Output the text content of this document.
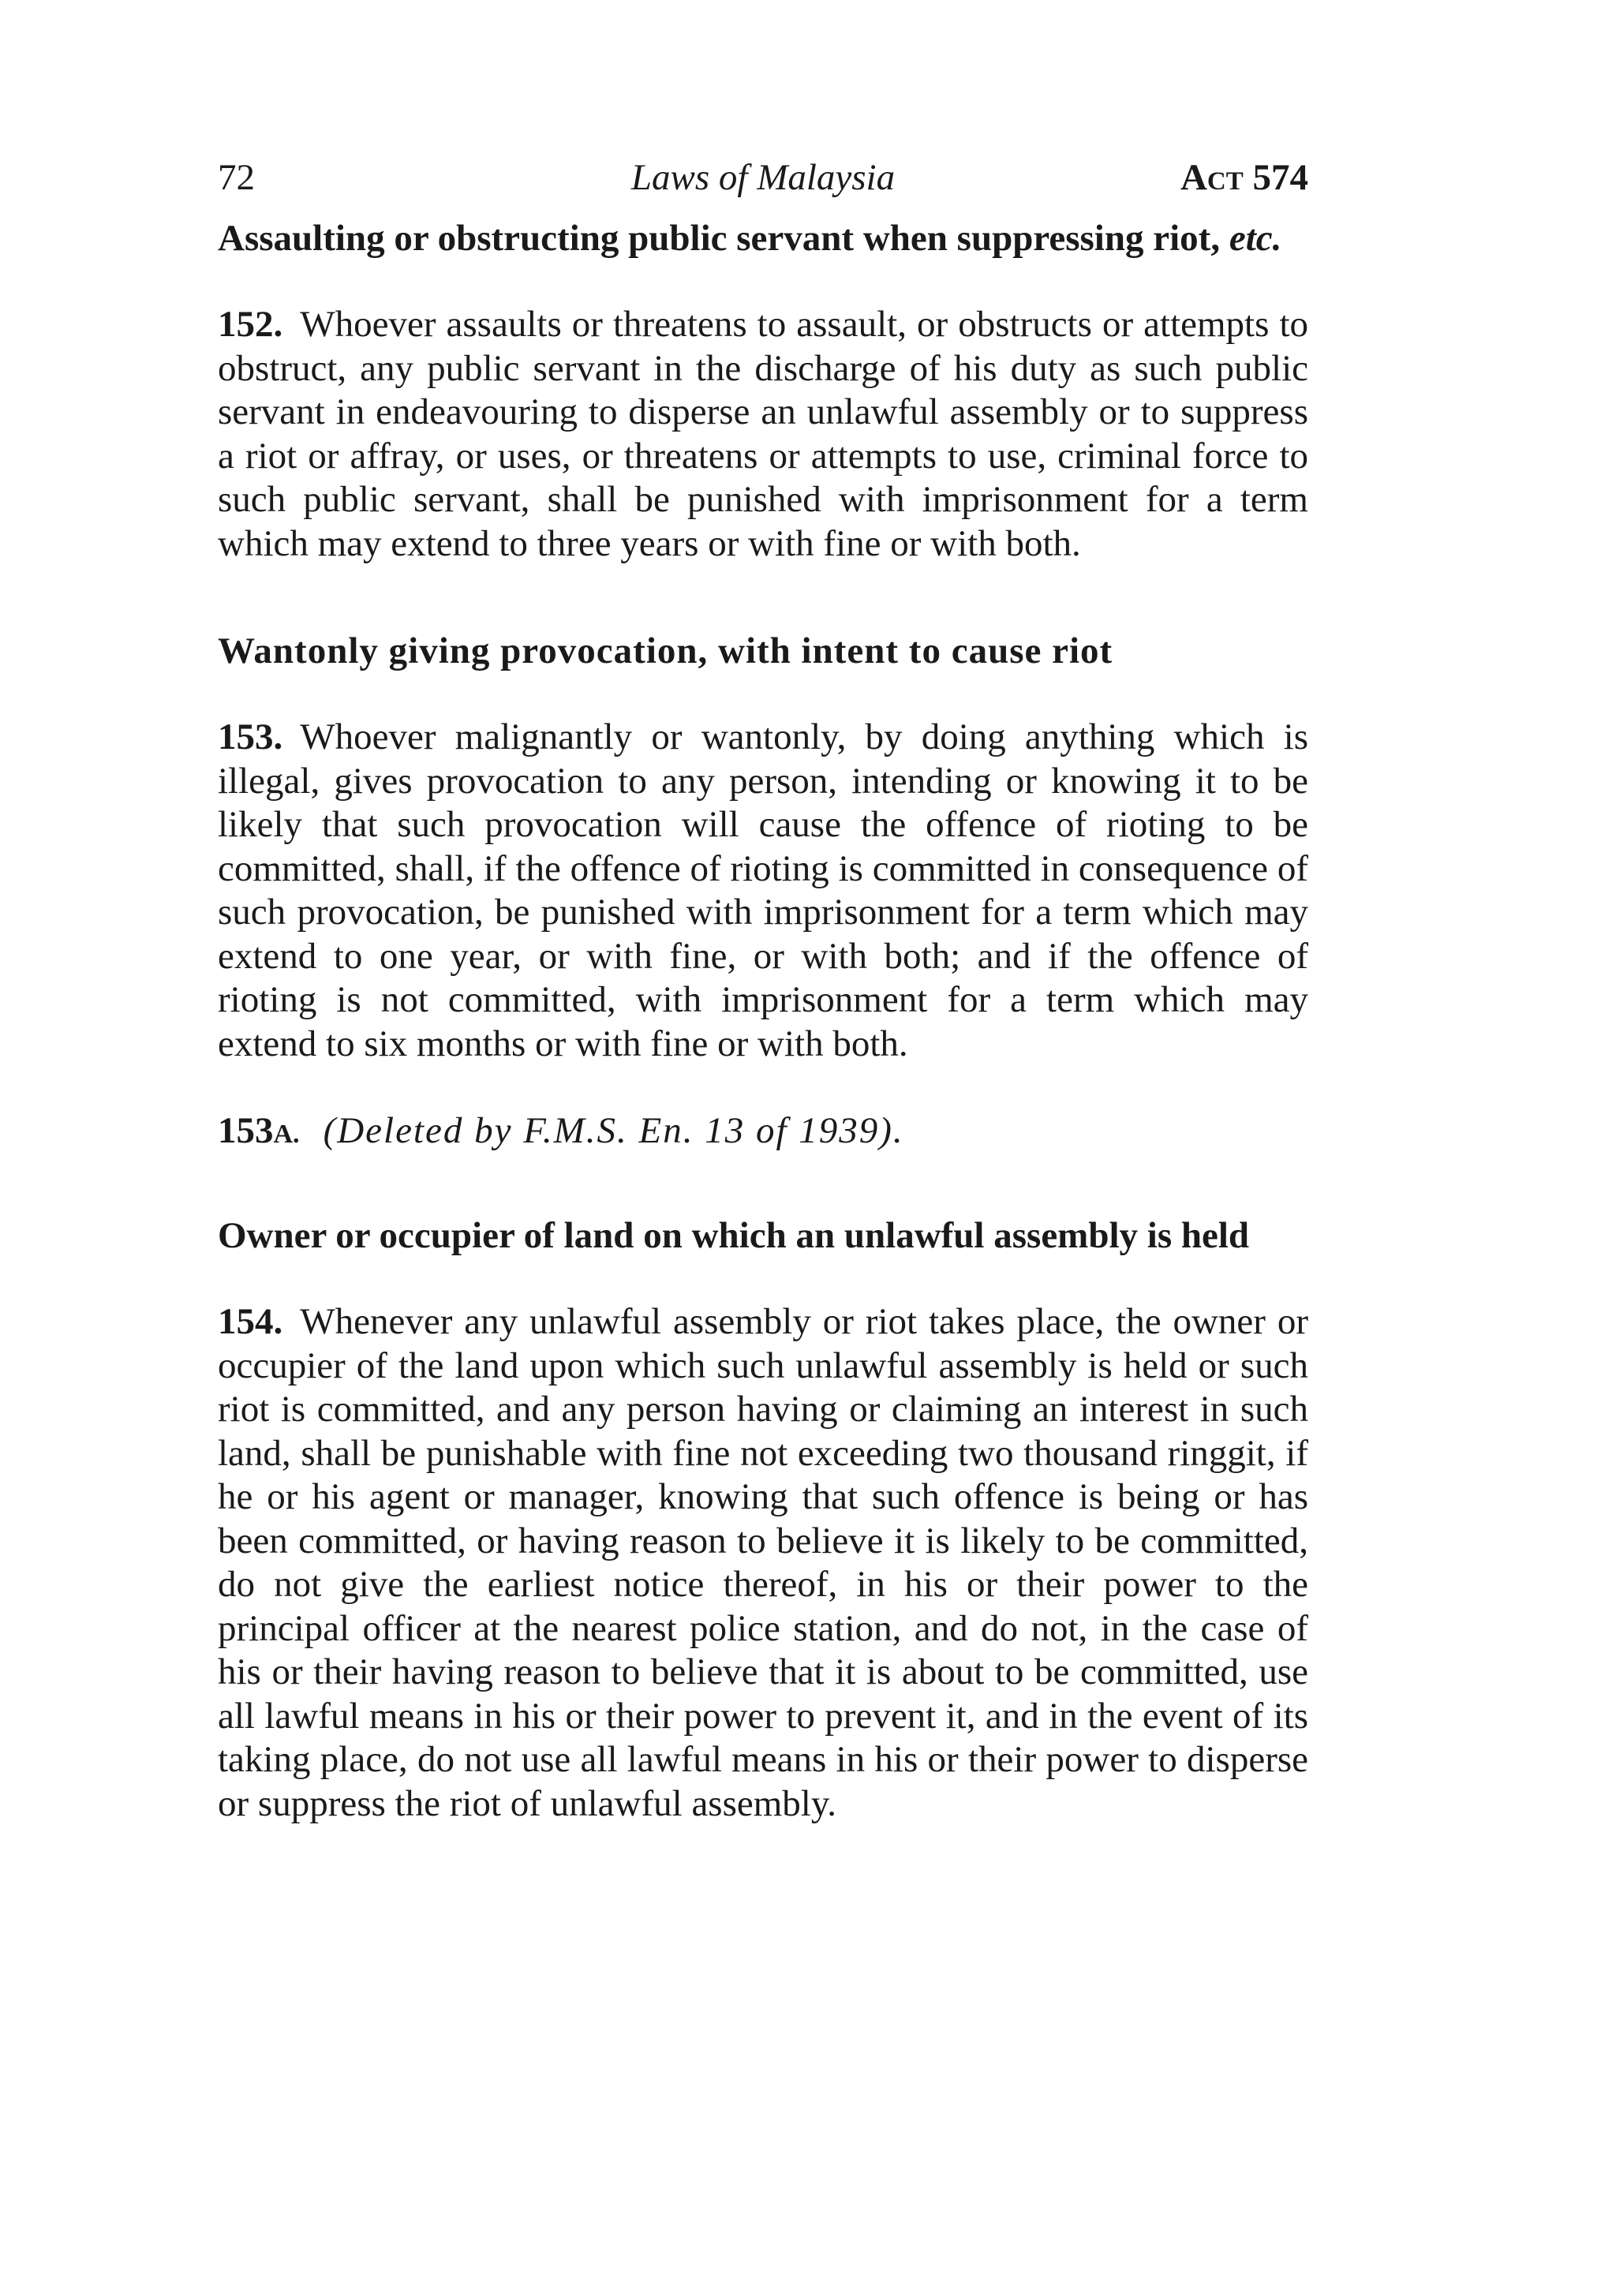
72	Laws of Malaysia	Act 574

Assaulting or obstructing public servant when suppressing riot, etc.

152. Whoever assaults or threatens to assault, or obstructs or attempts to obstruct, any public servant in the discharge of his duty as such public servant in endeavouring to disperse an unlawful assembly or to suppress a riot or affray, or uses, or threatens or attempts to use, criminal force to such public servant, shall be punished with imprisonment for a term which may extend to three years or with fine or with both.

Wantonly giving provocation, with intent to cause riot

153. Whoever malignantly or wantonly, by doing anything which is illegal, gives provocation to any person, intending or knowing it to be likely that such provocation will cause the offence of rioting to be committed, shall, if the offence of rioting is committed in consequence of such provocation, be punished with imprisonment for a term which may extend to one year, or with fine, or with both; and if the offence of rioting is not committed, with imprisonment for a term which may extend to six months or with fine or with both.

153A. (Deleted by F.M.S. En. 13 of 1939).

Owner or occupier of land on which an unlawful assembly is held

154. Whenever any unlawful assembly or riot takes place, the owner or occupier of the land upon which such unlawful assembly is held or such riot is committed, and any person having or claiming an interest in such land, shall be punishable with fine not exceeding two thousand ringgit, if he or his agent or manager, knowing that such offence is being or has been committed, or having reason to believe it is likely to be committed, do not give the earliest notice thereof, in his or their power to the principal officer at the nearest police station, and do not, in the case of his or their having reason to believe that it is about to be committed, use all lawful means in his or their power to prevent it, and in the event of its taking place, do not use all lawful means in his or their power to disperse or suppress the riot of unlawful assembly.
